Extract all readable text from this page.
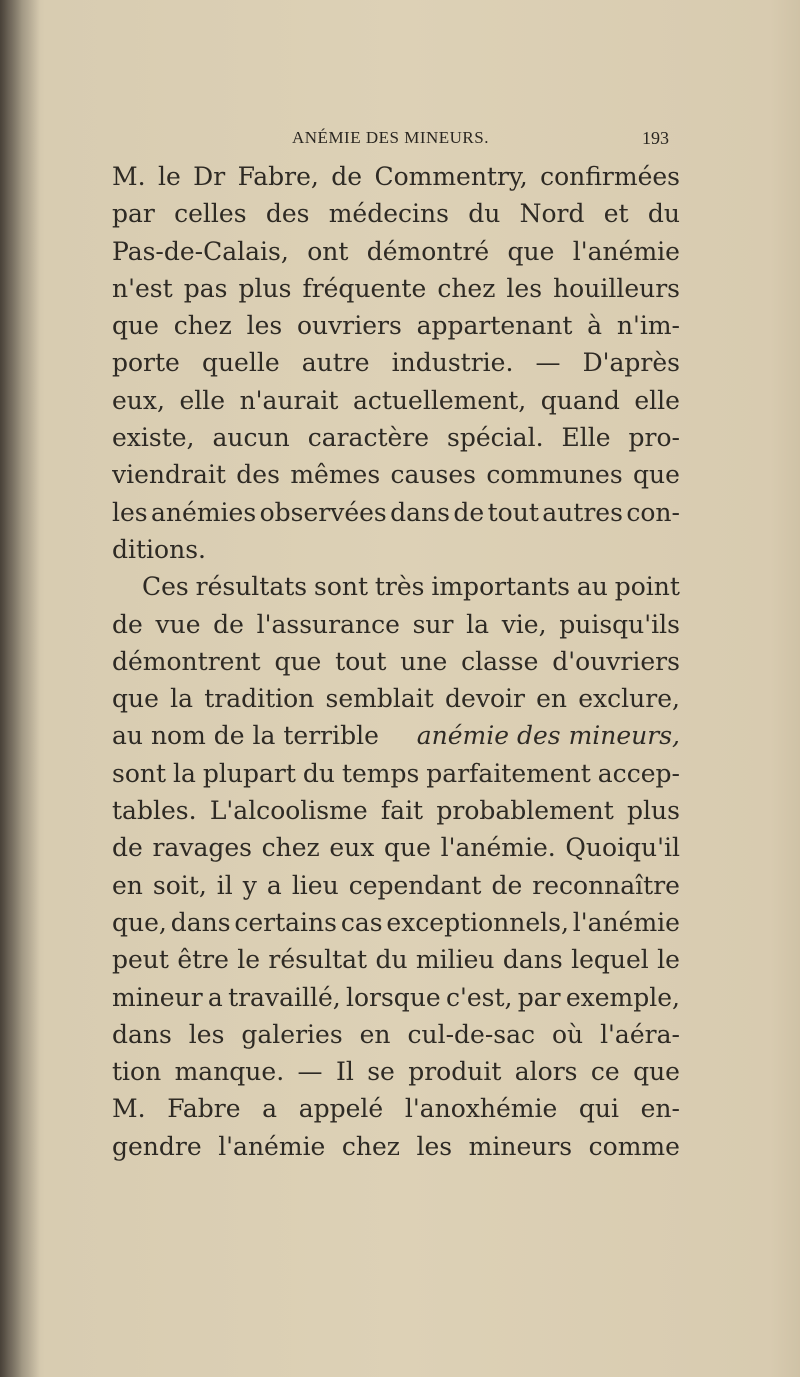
ANÉMIE DES MINEURS.	193
M. le Dr Fabre, de Commentry, confirmées
par celles des médecins du Nord et du
Pas-de-Calais, ont démontré que l'anémie
n'est pas plus fréquente chez les houilleurs
que chez les ouvriers appartenant à n'im-
porte quelle autre industrie. — D'après
eux, elle n'aurait actuellement, quand elle
existe, aucun caractère spécial. Elle pro-
viendrait des mêmes causes communes que
les anémies observées dans de tout autres con-
ditions.
Ces résultats sont très importants au point
de vue de l'assurance sur la vie, puisqu'ils
démontrent que tout une classe d'ouvriers
que la tradition semblait devoir en exclure,
au nom de la terrible anémie des mineurs,
sont la plupart du temps parfaitement accep-
tables. L'alcoolisme fait probablement plus
de ravages chez eux que l'anémie. Quoiqu'il
en soit, il y a lieu cependant de reconnaître
que, dans certains cas exceptionnels, l'anémie
peut être le résultat du milieu dans lequel le
mineur a travaillé, lorsque c'est, par exemple,
dans les galeries en cul-de-sac où l'aéra-
tion manque. — Il se produit alors ce que
M. Fabre a appelé l'anoxhémie qui en-
gendre l'anémie chez les mineurs comme
